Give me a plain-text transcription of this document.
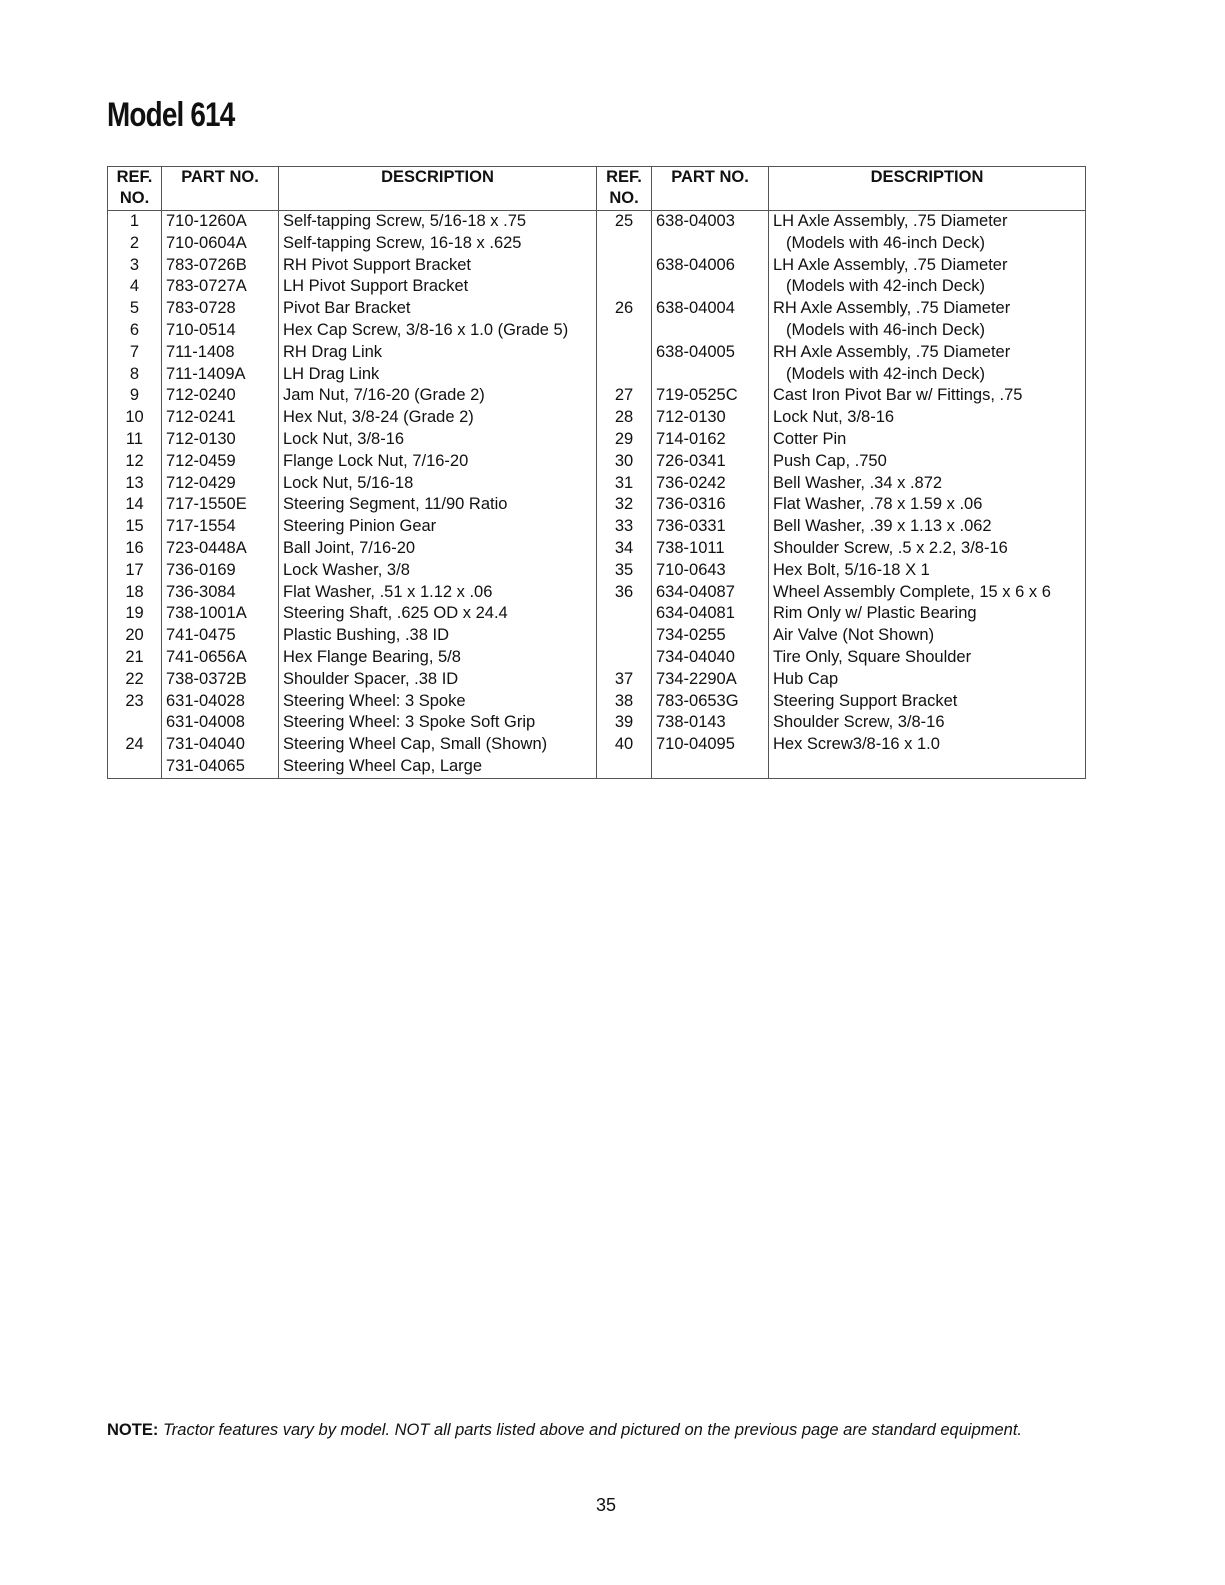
Model 614
REF. NO.	PART NO.	DESCRIPTION	REF. NO.	PART NO.	DESCRIPTION
1	710-1260A	Self-tapping Screw, 5/16-18 x .75	25	638-04003	LH Axle Assembly, .75 Diameter
2	710-0604A	Self-tapping Screw, 16-18 x .625			(Models with 46-inch Deck)
3	783-0726B	RH Pivot Support Bracket		638-04006	LH Axle Assembly, .75 Diameter
4	783-0727A	LH Pivot Support Bracket			(Models with 42-inch Deck)
5	783-0728	Pivot Bar Bracket	26	638-04004	RH Axle Assembly, .75 Diameter
6	710-0514	Hex Cap Screw, 3/8-16 x 1.0 (Grade 5)			(Models with 46-inch Deck)
7	711-1408	RH Drag Link		638-04005	RH Axle Assembly, .75 Diameter
8	711-1409A	LH Drag Link			(Models with 42-inch Deck)
9	712-0240	Jam Nut, 7/16-20 (Grade 2)	27	719-0525C	Cast Iron Pivot Bar w/ Fittings, .75
10	712-0241	Hex Nut, 3/8-24 (Grade 2)	28	712-0130	Lock Nut, 3/8-16
11	712-0130	Lock Nut, 3/8-16	29	714-0162	Cotter Pin
12	712-0459	Flange Lock Nut, 7/16-20	30	726-0341	Push Cap, .750
13	712-0429	Lock Nut, 5/16-18	31	736-0242	Bell Washer, .34 x .872
14	717-1550E	Steering Segment, 11/90 Ratio	32	736-0316	Flat Washer, .78 x 1.59 x .06
15	717-1554	Steering Pinion Gear	33	736-0331	Bell Washer, .39 x 1.13 x .062
16	723-0448A	Ball Joint, 7/16-20	34	738-1011	Shoulder Screw, .5 x 2.2, 3/8-16
17	736-0169	Lock Washer, 3/8	35	710-0643	Hex Bolt, 5/16-18 X 1
18	736-3084	Flat Washer, .51 x 1.12 x .06	36	634-04087	Wheel Assembly Complete, 15 x 6 x 6
19	738-1001A	Steering Shaft, .625 OD x 24.4		634-04081	Rim Only w/ Plastic Bearing
20	741-0475	Plastic Bushing, .38 ID		734-0255	Air Valve (Not Shown)
21	741-0656A	Hex Flange Bearing, 5/8		734-04040	Tire Only, Square Shoulder
22	738-0372B	Shoulder Spacer, .38 ID	37	734-2290A	Hub Cap
23	631-04028	Steering Wheel: 3 Spoke	38	783-0653G	Steering Support Bracket
	631-04008	Steering Wheel: 3 Spoke Soft Grip	39	738-0143	Shoulder Screw, 3/8-16
24	731-04040	Steering Wheel Cap, Small (Shown)	40	710-04095	Hex Screw3/8-16 x 1.0
	731-04065	Steering Wheel Cap, Large			
NOTE: Tractor features vary by model. NOT all parts listed above and pictured on the previous page are standard equipment.
35
